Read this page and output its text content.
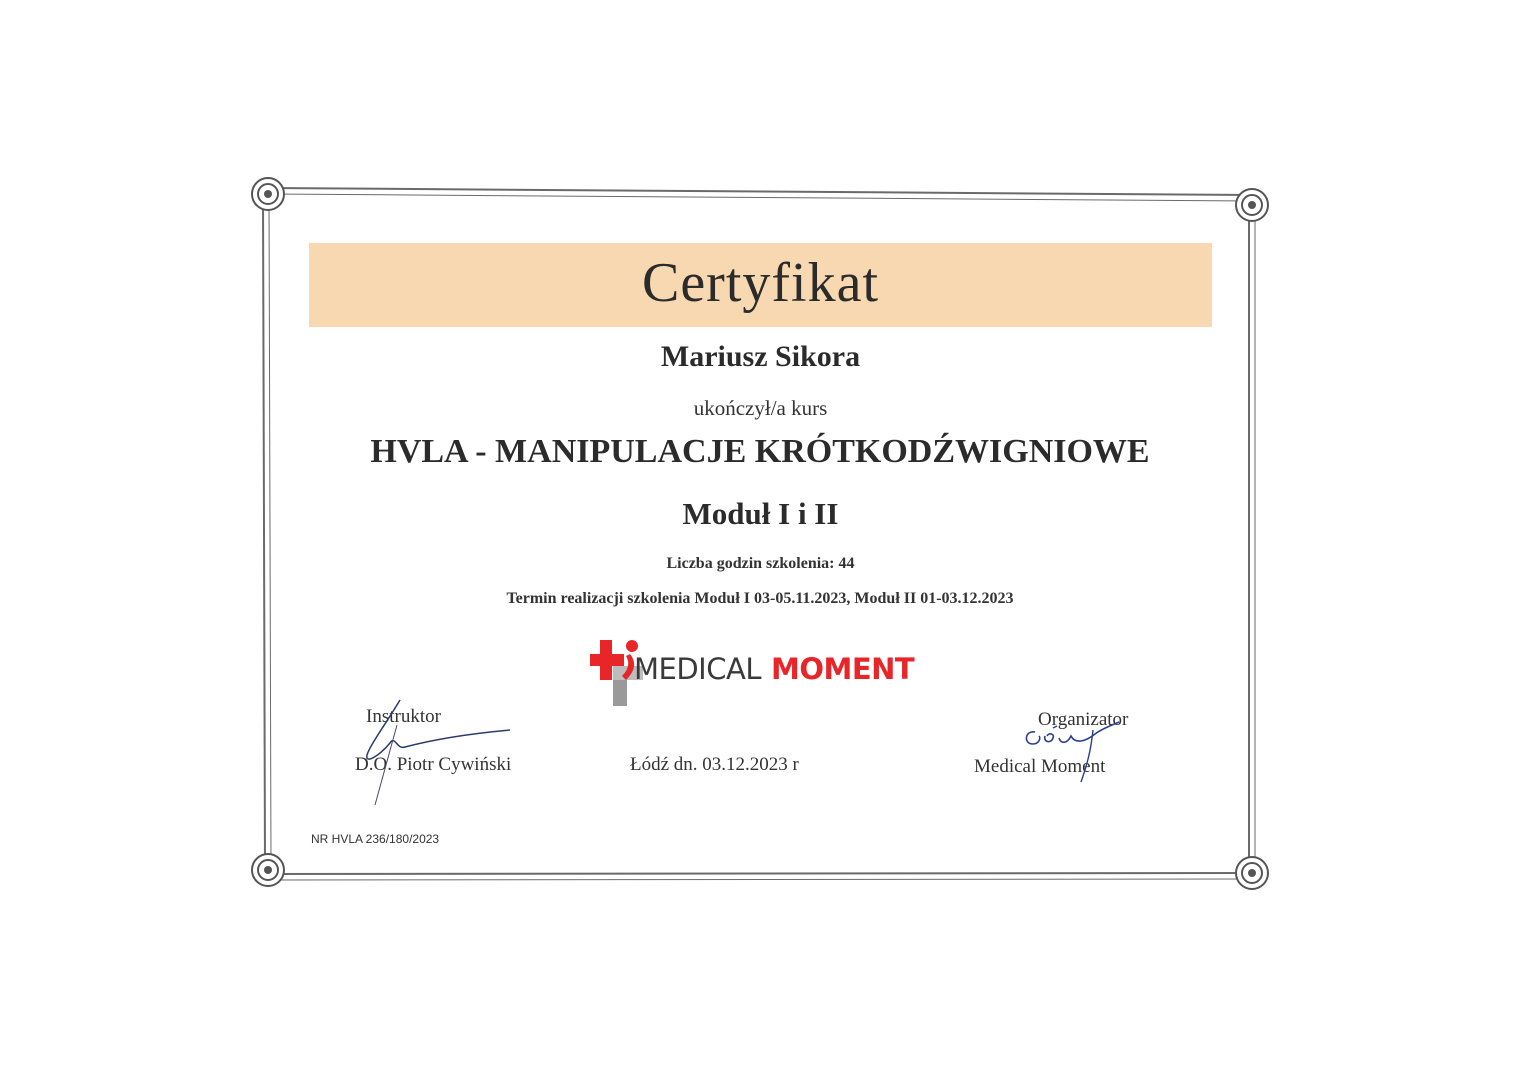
Certyfikat
Mariusz Sikora
ukończył/a kurs
HVLA - MANIPULACJE KRÓTKODŹWIGNIOWE
Moduł I i II
Liczba godzin szkolenia: 44
Termin realizacji szkolenia Moduł I 03-05.11.2023, Moduł II 01-03.12.2023
MEDICAL MOMENT
Instruktor
D.O. Piotr Cywiński	Łódź dn. 03.12.2023 r
Organizator
Medical Moment
NR HVLA 236/180/2023
